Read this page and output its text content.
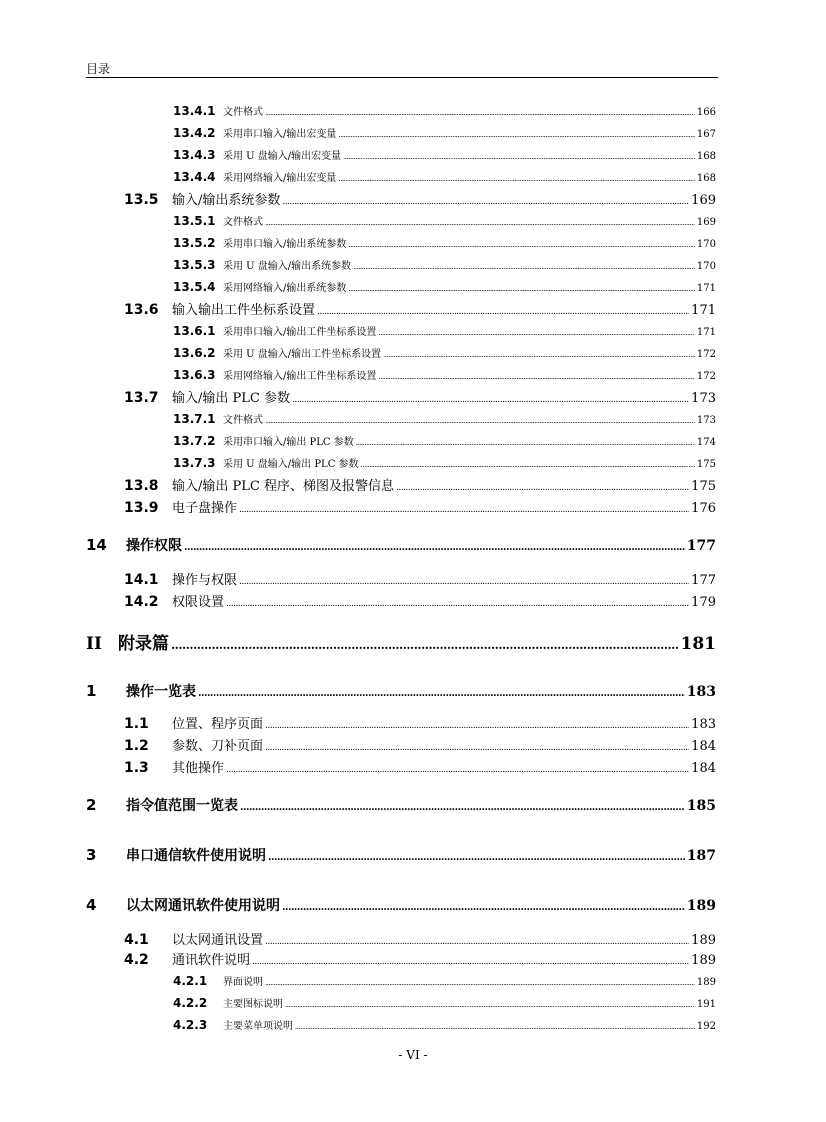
目录
13.4.1 文件格式 .....	166
13.4.2 采用串口输入/输出宏变量 .....	167
13.4.3 采用 U 盘输入/输出宏变量 .....	168
13.4.4 采用网络输入/输出宏变量 .....	168
13.5	输入/输出系统参数 .....	169
13.5.1 文件格式 .....	169
13.5.2 采用串口输入/输出系统参数 .....	170
13.5.3 采用 U 盘输入/输出系统参数 .....	170
13.5.4 采用网络输入/输出系统参数 .....	171
13.6	输入输出工件坐标系设置 .....	171
13.6.1 采用串口输入/输出工件坐标系设置 .....	171
13.6.2 采用 U 盘输入/输出工件坐标系设置 .....	172
13.6.3 采用网络输入/输出工件坐标系设置 .....	172
13.7	输入/输出 PLC 参数 .....	173
13.7.1 文件格式 .....	173
13.7.2 采用串口输入/输出 PLC 参数 .....	174
13.7.3 采用 U 盘输入/输出 PLC 参数 .....	175
13.8	输入/输出 PLC 程序、梯图及报警信息 .....	175
13.9	电子盘操作 .....	176
14	操作权限 .....	177
14.1	操作与权限 .....	177
14.2	权限设置 .....	179
II 附录篇 .....	181
1	操作一览表 .....	183
1.1	位置、程序页面 .....	183
1.2	参数、刀补页面 .....	184
1.3	其他操作 .....	184
2	指令值范围一览表 .....	185
3	串口通信软件使用说明 .....	187
4	以太网通讯软件使用说明 .....	189
4.1	以太网通讯设置 .....	189
4.2	通讯软件说明 .....	189
4.2.1	界面说明 .....	189
4.2.2	主要图标说明 .....	191
4.2.3	主要菜单项说明 .....	192
- VI -
